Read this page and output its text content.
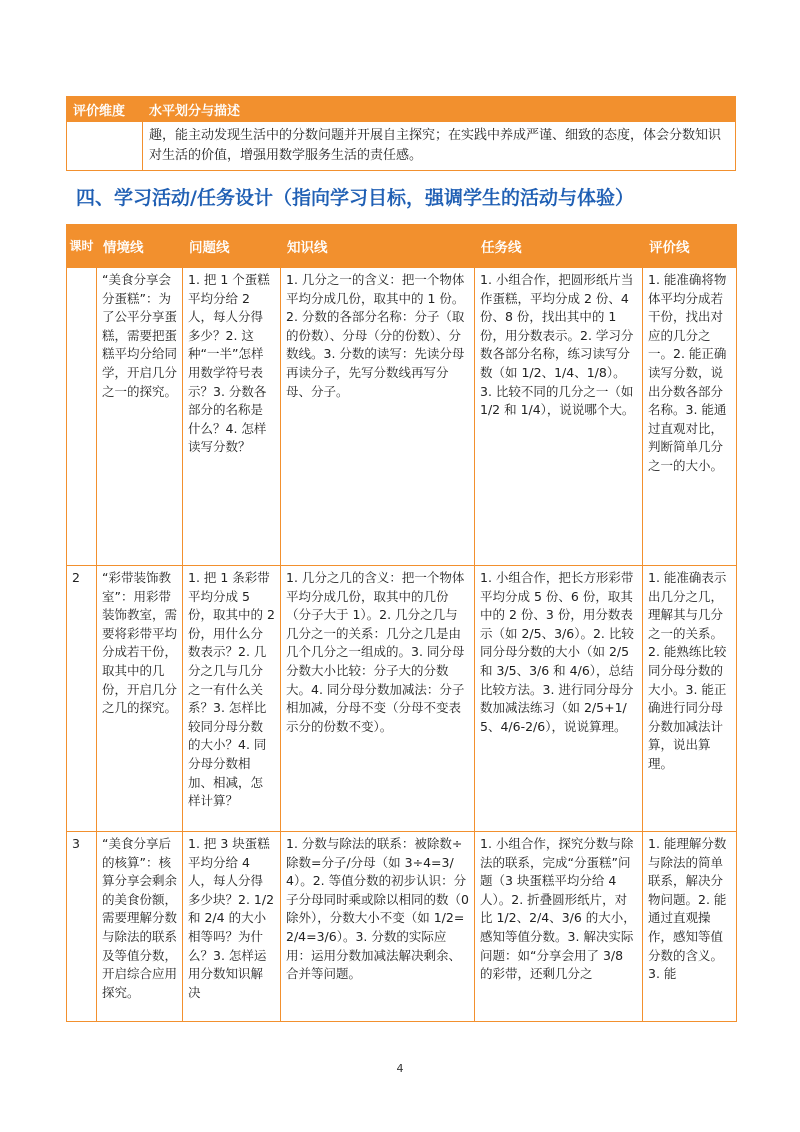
评价维度	水平划分与描述
	趣，能主动发现生活中的分数问题并开展自主探究；在实践中养成严谨、细致的态度，体会分数知识对生活的价值，增强用数学服务生活的责任感。
四、学习活动/任务设计（指向学习目标，强调学生的活动与体验）
课时	情境线	问题线	知识线	任务线	评价线
	“美食分享会分蛋糕”：为了公平分享蛋糕，需要把蛋糕平均分给同学，开启几分之一的探究。	1. 把 1 个蛋糕平均分给 2 人，每人分得多少？2. 这种“一半”怎样用数学符号表示？3. 分数各部分的名称是什么？4. 怎样读写分数？	1. 几分之一的含义：把一个物体平均分成几份，取其中的 1 份。2. 分数的各部分名称：分子（取的份数）、分母（分的份数）、分数线。3. 分数的读写：先读分母再读分子，先写分数线再写分母、分子。	1. 小组合作，把圆形纸片当作蛋糕，平均分成 2 份、4 份、8 份，找出其中的 1 份，用分数表示。2. 学习分数各部分名称，练习读写分数（如 1/2、1/4、1/8）。3. 比较不同的几分之一（如 1/2 和 1/4），说说哪个大。	1. 能准确将物体平均分成若干份，找出对应的几分之一。2. 能正确读写分数，说出分数各部分名称。3. 能通过直观对比，判断简单几分之一的大小。
2	“彩带装饰教室”：用彩带装饰教室，需要将彩带平均分成若干份，取其中的几份，开启几分之几的探究。	1. 把 1 条彩带平均分成 5 份，取其中的 2 份，用什么分数表示？2. 几分之几与几分之一有什么关系？3. 怎样比较同分母分数的大小？4. 同分母分数相加、相减，怎样计算？	1. 几分之几的含义：把一个物体平均分成几份，取其中的几份（分子大于 1）。2. 几分之几与几分之一的关系：几分之几是由几个几分之一组成的。3. 同分母分数大小比较：分子大的分数大。4. 同分母分数加减法：分子相加减，分母不变（分母不变表示分的份数不变）。	1. 小组合作，把长方形彩带平均分成 5 份、6 份，取其中的 2 份、3 份，用分数表示（如 2/5、3/6）。2. 比较同分母分数的大小（如 2/5 和 3/5、3/6 和 4/6），总结比较方法。3. 进行同分母分数加减法练习（如 2/5+1/5、4/6-2/6），说说算理。	1. 能准确表示出几分之几，理解其与几分之一的关系。2. 能熟练比较同分母分数的大小。3. 能正确进行同分母分数加减法计算，说出算理。
3	“美食分享后的核算”：核算分享会剩余的美食份额，需要理解分数与除法的联系及等值分数，开启综合应用探究。	1. 把 3 块蛋糕平均分给 4 人，每人分得多少块？2. 1/2 和 2/4 的大小相等吗？为什么？3. 怎样运用分数知识解决	1. 分数与除法的联系：被除数÷除数=分子/分母（如 3÷4=3/4）。2. 等值分数的初步认识：分子分母同时乘或除以相同的数（0 除外），分数大小不变（如 1/2=2/4=3/6）。3. 分数的实际应用：运用分数加减法解决剩余、合并等问题。	1. 小组合作，探究分数与除法的联系，完成“分蛋糕”问题（3 块蛋糕平均分给 4 人）。2. 折叠圆形纸片，对比 1/2、2/4、3/6 的大小，感知等值分数。3. 解决实际问题：如“分享会用了 3/8 的彩带，还剩几分之	1. 能理解分数与除法的简单联系，解决分物问题。2. 能通过直观操作，感知等值分数的含义。3. 能
4
